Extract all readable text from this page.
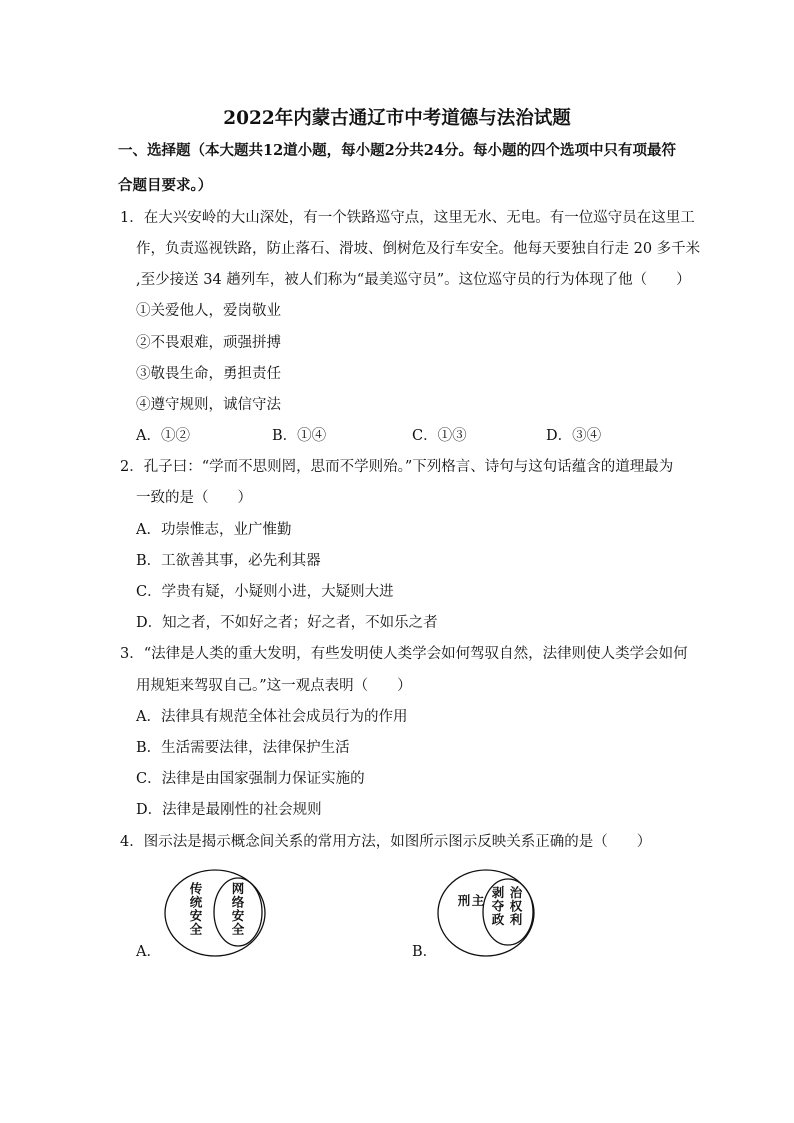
2022年内蒙古通辽市中考道德与法治试题
一、选择题（本大题共12道小题，每小题2分共24分。每小题的四个选项中只有项最符
合题目要求。）
1．在大兴安岭的大山深处，有一个铁路巡守点，这里无水、无电。有一位巡守员在这里工
作，负责巡视铁路，防止落石、滑坡、倒树危及行车安全。他每天要独自行走 20 多千米
,至少接送 34 趟列车，被人们称为“最美巡守员”。这位巡守员的行为体现了他（　　）
①关爱他人，爱岗敬业
②不畏艰难，顽强拼搏
③敬畏生命，勇担责任
④遵守规则，诚信守法
A．①②	B．①④	C．①③	D．③④
2．孔子曰：“学而不思则罔，思而不学则殆。”下列格言、诗句与这句话蕴含的道理最为
一致的是（　　）
A．功崇惟志，业广惟勤
B．工欲善其事，必先利其器
C．学贵有疑，小疑则小进，大疑则大进
D．知之者，不如好之者；好之者，不如乐之者
3．“法律是人类的重大发明，有些发明使人类学会如何驾驭自然，法律则使人类学会如何
用规矩来驾驭自己。”这一观点表明（　　）
A．法律具有规范全体社会成员行为的作用
B．生活需要法律，法律保护生活
C．法律是由国家强制力保证实施的
D．法律是最刚性的社会规则
4．图示法是揭示概念间关系的常用方法，如图所示图示反映关系正确的是（　　）
传统安全 网络安全
A．
主刑	治权利
剥夺政
B．
